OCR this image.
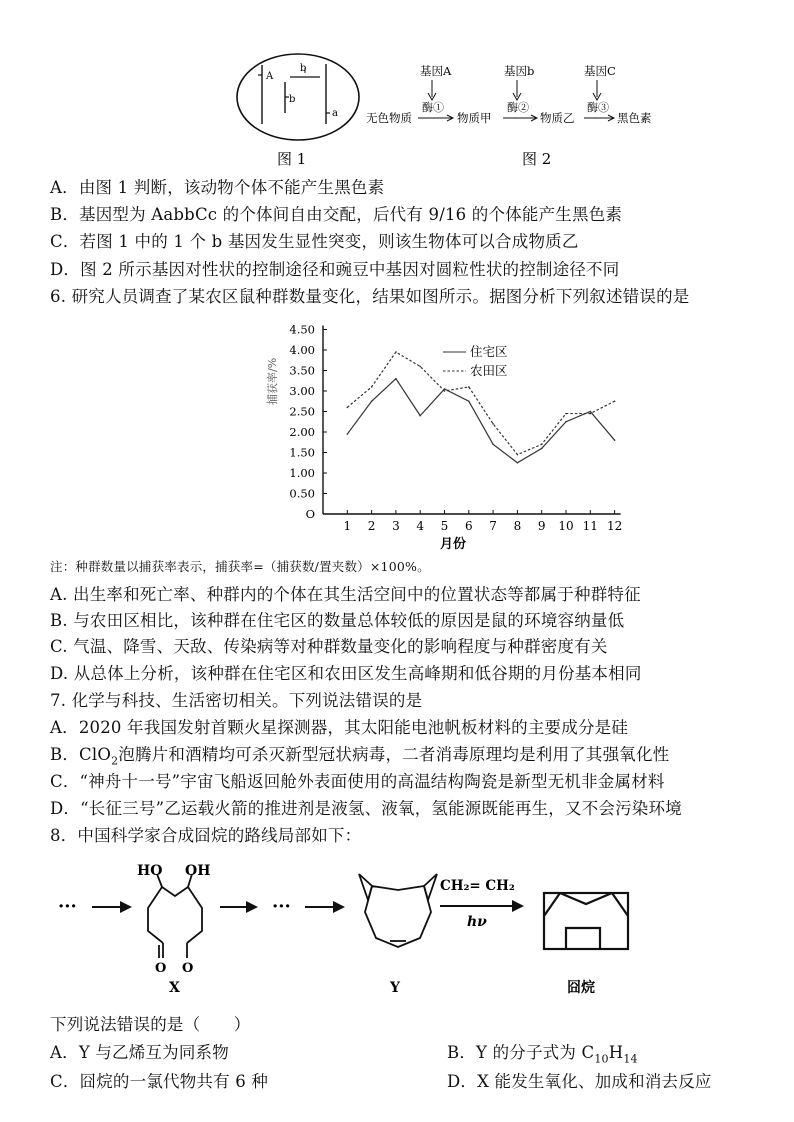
A
b
b
a
图 1
基因A	基因b	基因C
酶①	酶②	酶③
无色物质	物质甲	物质乙	黑色素
图 2
A．由图 1 判断，该动物个体不能产生黑色素
B．基因型为 AabbCc 的个体间自由交配，后代有 9/16 的个体能产生黑色素
C．若图 1 中的 1 个 b 基因发生显性突变，则该生物体可以合成物质乙
D．图 2 所示基因对性状的控制途径和豌豆中基因对圆粒性状的控制途径不同
6. 研究人员调查了某农区鼠种群数量变化，结果如图所示。据图分析下列叙述错误的是
O
0.50
1.00
1.50
2.00
2.50
3.00
3.50
4.00
4.50
1 2 3 4 5 6 7 8 9 10 11 12
住宅区
农田区
月份
捕获率/%
注：种群数量以捕获率表示，捕获率=（捕获数/置夹数）×100%。
A. 出生率和死亡率、种群内的个体在其生活空间中的位置状态等都属于种群特征
B. 与农田区相比，该种群在住宅区的数量总体较低的原因是鼠的环境容纳量低
C. 气温、降雪、天敌、传染病等对种群数量变化的影响程度与种群密度有关
D. 从总体上分析，该种群在住宅区和农田区发生高峰期和低谷期的月份基本相同
7. 化学与科技、生活密切相关。下列说法错误的是
A．2020 年我国发射首颗火星探测器，其太阳能电池帆板材料的主要成分是硅
B．ClO$_2$泡腾片和酒精均可杀灭新型冠状病毒，二者消毒原理均是利用了其强氧化性
C．“神舟十一号”宇宙飞船返回舱外表面使用的高温结构陶瓷是新型无机非金属材料
D．“长征三号”乙运载火箭的推进剂是液氢、液氧，氢能源既能再生，又不会污染环境
8．中国科学家合成囧烷的路线局部如下：
···
HO OH
O O
X
···
Y
CH₂= CH₂
hν
囧烷
下列说法错误的是（　　）
A．Y 与乙烯互为同系物	B．Y 的分子式为 $C_{10}H_{14}$
C．囧烷的一氯代物共有 6 种	D．X 能发生氧化、加成和消去反应
